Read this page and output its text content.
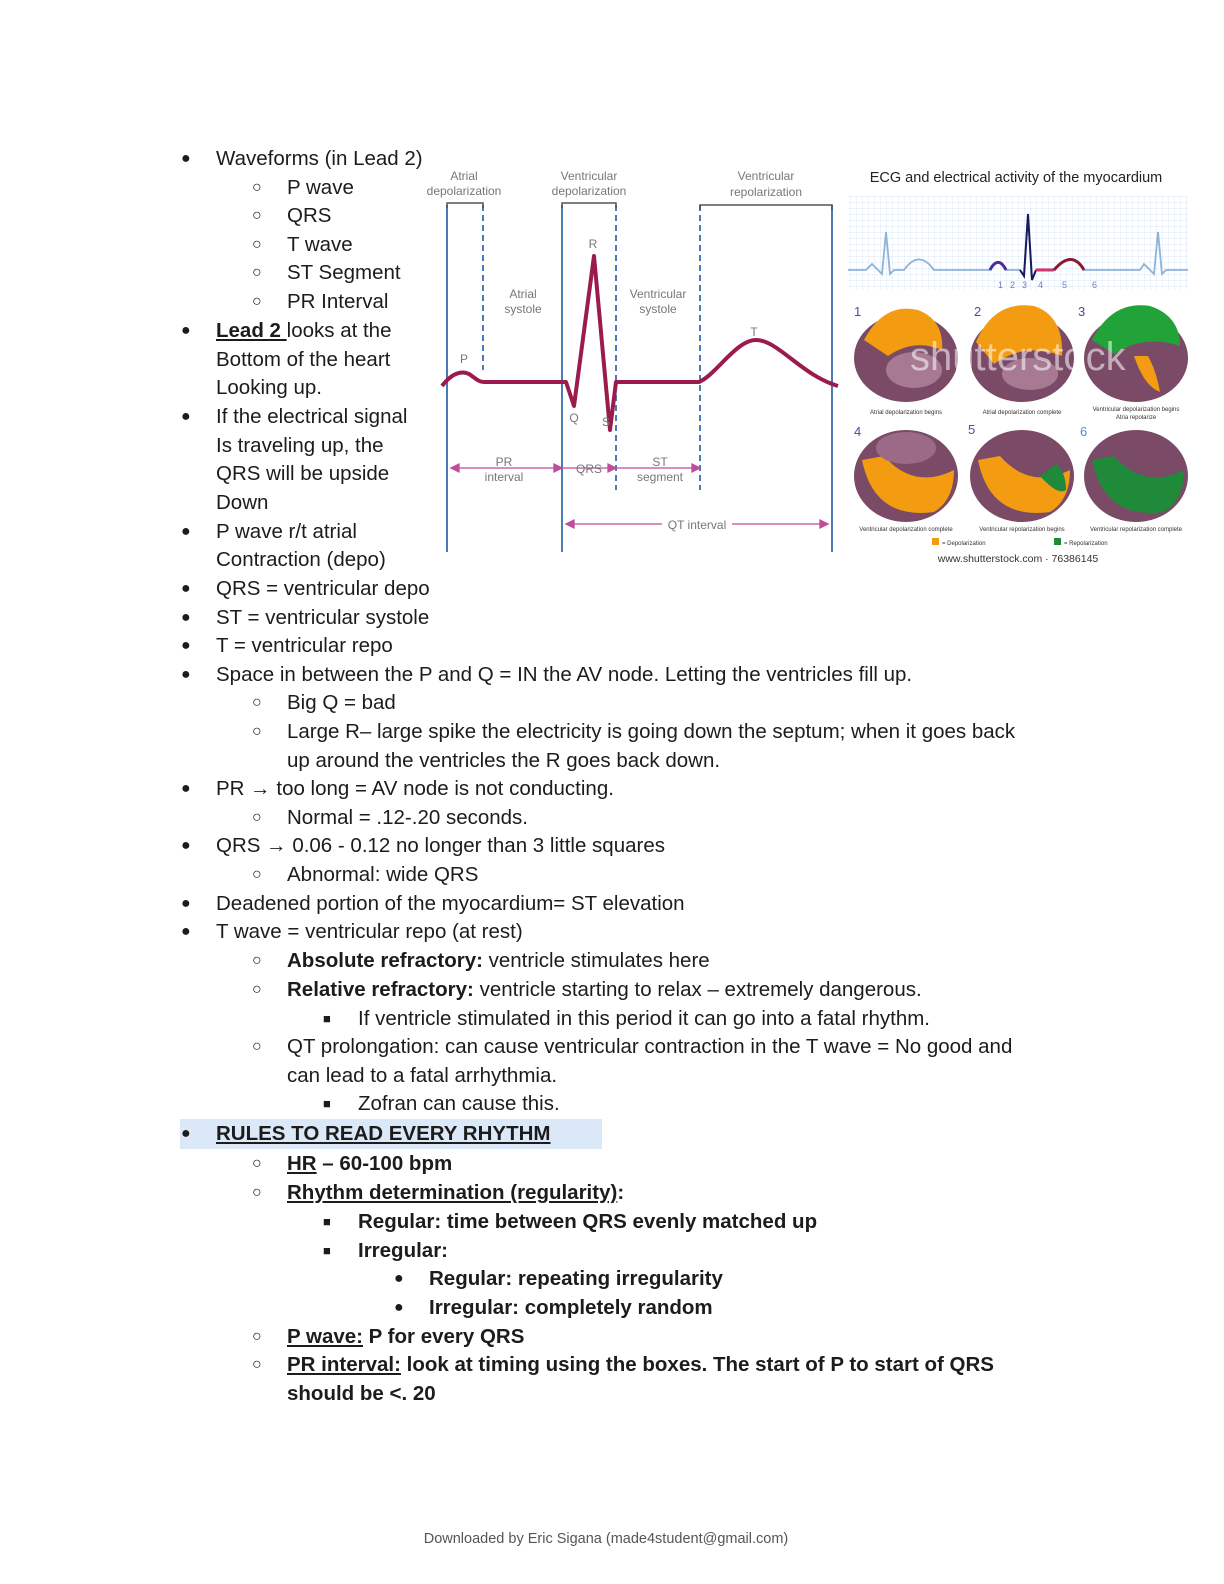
Atrial
depolarization
Ventricular
depolarization
Ventricular
repolarization
Atrial
systole
Ventricular
systole
R
P
Q S
T
PR
interval
QRS	ST
segment
QT interval
ECG and electrical activity of the myocardium
1 2 3 4 5	6
1	2	3
shutterstock
Atrial depolarization begins	Atrial depolarization complete	Ventricular depolarization begins
Atria repolarize
4	5	6
Ventricular depolarization complete	Ventricular repolarization begins	Ventricular repolarization complete
= Depolarization	= Repolarization
www.shutterstock.com · 76386145
● Waveforms (in Lead 2)
○ P wave
○ QRS
○ T wave
○ ST Segment
○ PR Interval
● Lead 2 looks at the
Bottom of the heart
Looking up.
● If the electrical signal
Is traveling up, the
QRS will be upside
Down
● P wave r/t atrial
Contraction (depo)
● QRS = ventricular depo
● ST = ventricular systole
● T = ventricular repo
● Space in between the P and Q = IN the AV node. Letting the ventricles fill up.
○ Big Q = bad
○ Large R– large spike the electricity is going down the septum; when it goes back
up around the ventricles the R goes back down.
● PR → too long = AV node is not conducting.
○ Normal = .12-.20 seconds.
● QRS → 0.06 - 0.12 no longer than 3 little squares
○ Abnormal: wide QRS
● Deadened portion of the myocardium= ST elevation
● T wave = ventricular repo (at rest)
○ Absolute refractory: ventricle stimulates here
○ Relative refractory: ventricle starting to relax – extremely dangerous.
■ If ventricle stimulated in this period it can go into a fatal rhythm.
○ QT prolongation: can cause ventricular contraction in the T wave = No good and
can lead to a fatal arrhythmia.
■ Zofran can cause this.
● RULES TO READ EVERY RHYTHM
○ HR – 60-100 bpm
○ Rhythm determination (regularity):
■ Regular: time between QRS evenly matched up
■ Irregular:
● Regular: repeating irregularity
● Irregular: completely random
○ P wave: P for every QRS
○ PR interval: look at timing using the boxes. The start of P to start of QRS
should be <. 20
Downloaded by Eric Sigana (made4student@gmail.com)
